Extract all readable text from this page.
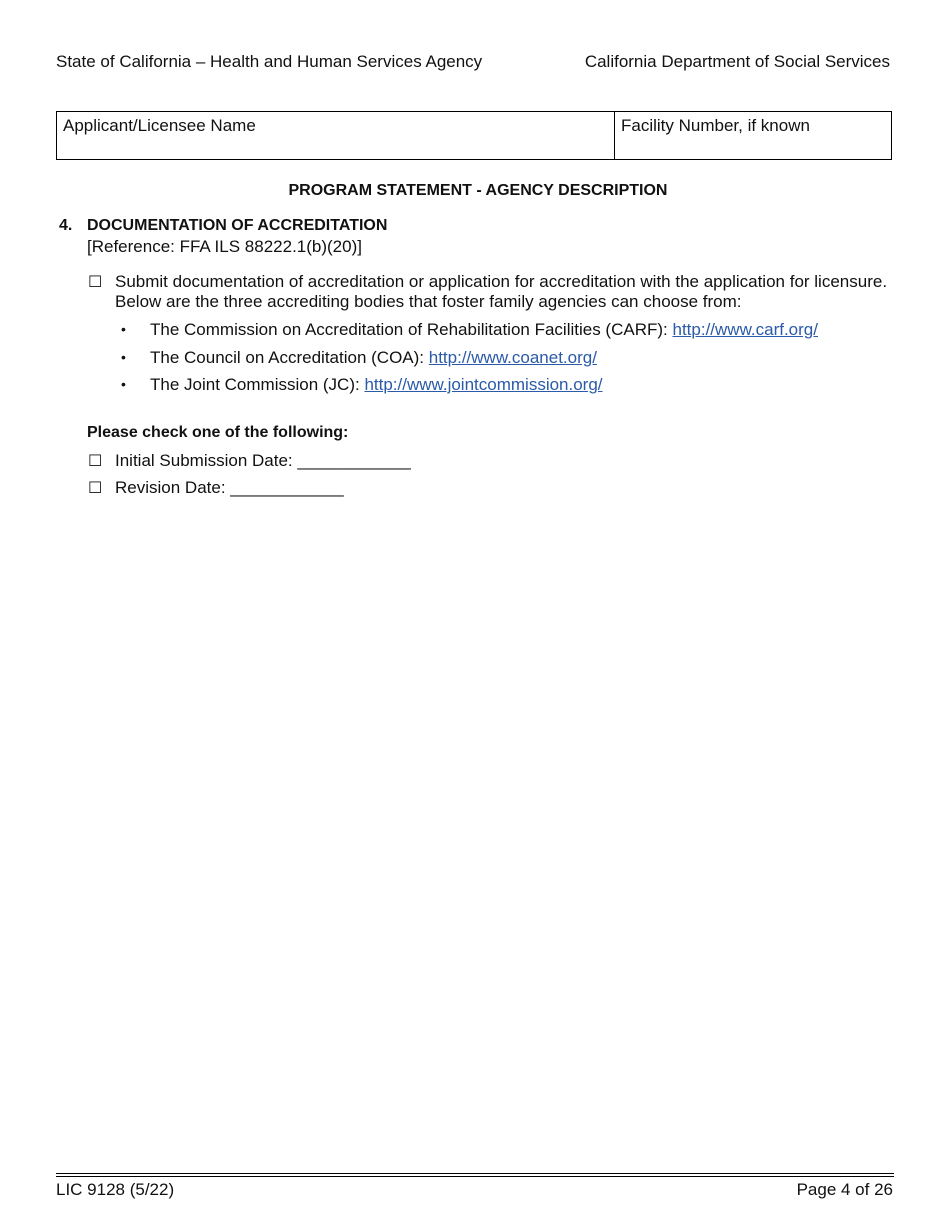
State of California – Health and Human Services Agency	California Department of Social Services
Applicant/Licensee Name	Facility Number, if known
PROGRAM STATEMENT - AGENCY DESCRIPTION
4. DOCUMENTATION OF ACCREDITATION
[Reference: FFA ILS 88222.1(b)(20)]
☐ Submit documentation of accreditation or application for accreditation with the application for licensure.
Below are the three accrediting bodies that foster family agencies can choose from:
• The Commission on Accreditation of Rehabilitation Facilities (CARF): http://www.carf.org/
• The Council on Accreditation (COA): http://www.coanet.org/
• The Joint Commission (JC): http://www.jointcommission.org/
Please check one of the following:
☐ Initial Submission Date: ____________
☐ Revision Date: ____________
LIC 9128 (5/22)	Page 4 of 26
